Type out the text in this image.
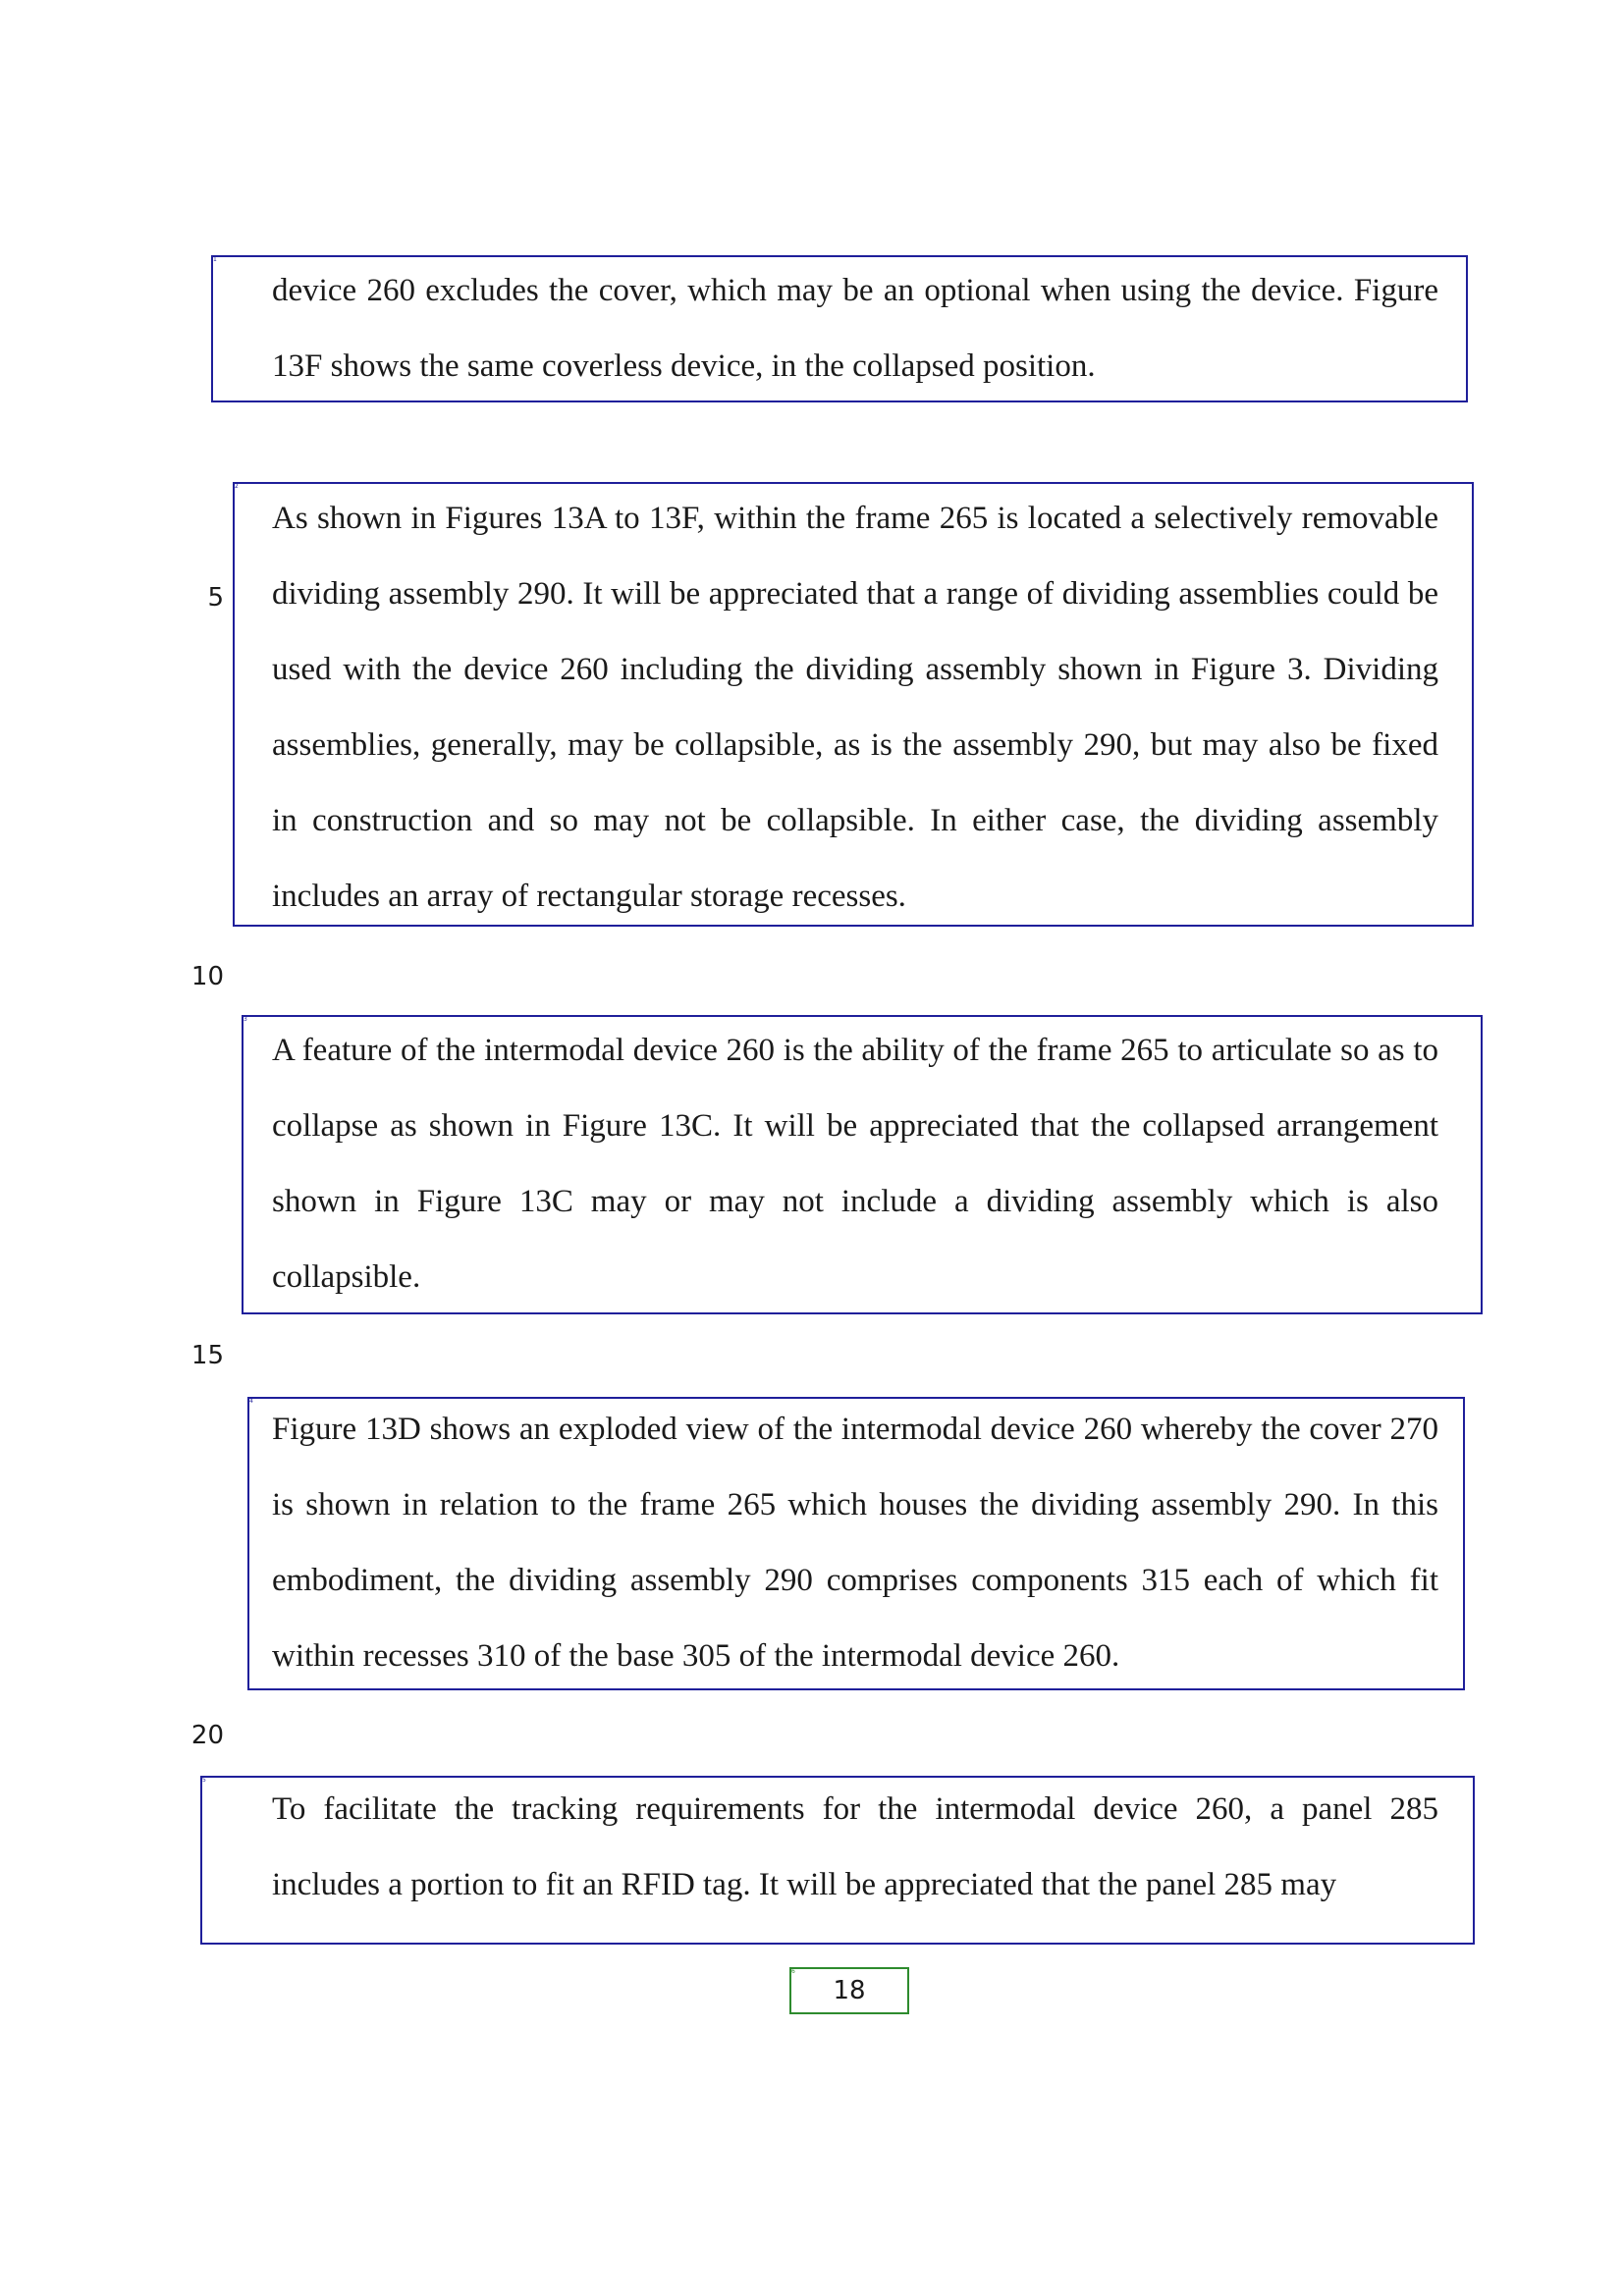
1

device 260 excludes the cover, which may be an optional when using the device. Figure 13F shows the same coverless device, in the collapsed position.

2

As shown in Figures 13A to 13F, within the frame 265 is located a selectively removable dividing assembly 290. It will be appreciated that a range of dividing assemblies could be used with the device 260 including the dividing assembly shown in Figure 3. Dividing assemblies, generally, may be collapsible, as is the assembly 290, but may also be fixed in construction and so may not be collapsible. In either case, the dividing assembly includes an array of rectangular storage recesses.

3

A feature of the intermodal device 260 is the ability of the frame 265 to articulate so as to collapse as shown in Figure 13C. It will be appreciated that the collapsed arrangement shown in Figure 13C may or may not include a dividing assembly which is also collapsible.

4

Figure 13D shows an exploded view of the intermodal device 260 whereby the cover 270 is shown in relation to the frame 265 which houses the dividing assembly 290. In this embodiment, the dividing assembly 290 comprises components 315 each of which fit within recesses 310 of the base 305 of the intermodal device 260.

5

To facilitate the tracking requirements for the intermodal device 260, a panel 285 includes a portion to fit an RFID tag. It will be appreciated that the panel 285 may

5
10
15
20
6
18
